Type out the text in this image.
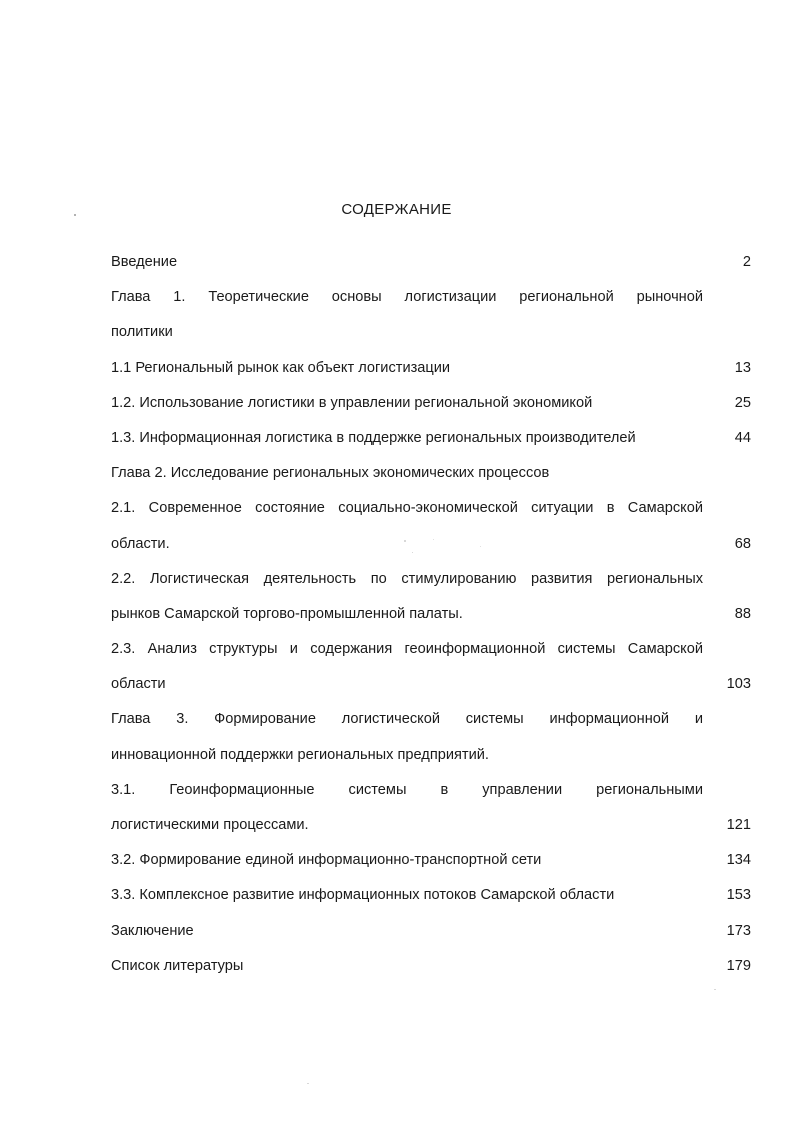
СОДЕРЖАНИЕ
Введение	2
Глава 1. Теоретические основы логистизации региональной рыночной
политики
1.1 Региональный рынок как объект логистизации	13
1.2. Использование логистики в управлении региональной экономикой	25
1.3. Информационная логистика в поддержке региональных производителей	44
Глава 2. Исследование региональных экономических процессов
2.1. Современное состояние социально-экономической ситуации в Самарской
области.	68
2.2. Логистическая деятельность по стимулированию развития региональных
рынков Самарской торгово-промышленной палаты.	88
2.3. Анализ структуры и содержания геоинформационной системы Самарской
области	103
Глава 3. Формирование логистической системы информационной и
инновационной поддержки региональных предприятий.
3.1. Геоинформационные системы в управлении региональными
логистическими процессами.	121
3.2. Формирование единой информационно-транспортной сети	134
3.3. Комплексное развитие информационных потоков Самарской области	153
Заключение	173
Список литературы	179
